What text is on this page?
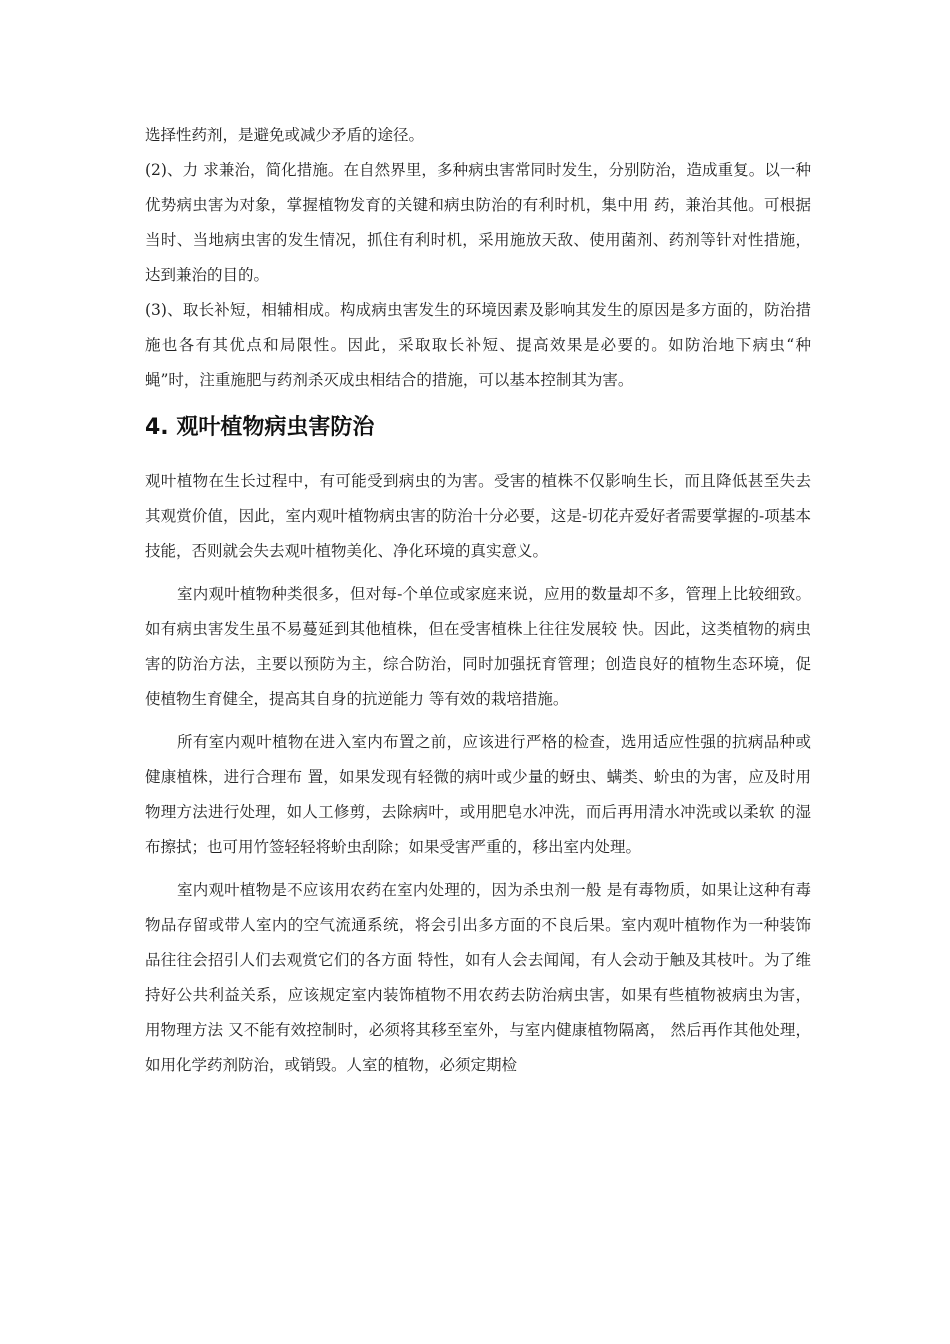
选择性药剂，是避免或减少矛盾的途径。

(2)、力 求兼治，简化措施。在自然界里，多种病虫害常同时发生，分别防治，造成重复。以一种优势病虫害为对象，掌握植物发育的关键和病虫防治的有利时机，集中用 药，兼治其他。可根据当时、当地病虫害的发生情况，抓住有利时机，采用施放天敌、使用菌剂、药剂等针对性措施，达到兼治的目的。

(3)、取长补短，相辅相成。构成病虫害发生的环境因素及影响其发生的原因是多方面的，防治措施也各有其优点和局限性。因此，采取取长补短、提高效果是必要的。如防治地下病虫“种蝇”时，注重施肥与药剂杀灭成虫相结合的措施，可以基本控制其为害。

4. 观叶植物病虫害防治

观叶植物在生长过程中，有可能受到病虫的为害。受害的植株不仅影响生长，而且降低甚至失去其观赏价值，因此，室内观叶植物病虫害的防治十分必要，这是-切花卉爱好者需要掌握的-项基本技能，否则就会失去观叶植物美化、净化环境的真实意义。

室内观叶植物种类很多，但对每-个单位或家庭来说，应用的数量却不多，管理上比较细致。如有病虫害发生虽不易蔓延到其他植株，但在受害植株上往往发展较 快。因此，这类植物的病虫害的防治方法，主要以预防为主，综合防治，同时加强抚育管理；创造良好的植物生态环境，促使植物生育健全，提高其自身的抗逆能力 等有效的栽培措施。

所有室内观叶植物在进入室内布置之前，应该进行严格的检查，选用适应性强的抗病品种或健康植株，进行合理布 置，如果发现有轻微的病叶或少量的蚜虫、螨类、蚧虫的为害，应及时用物理方法进行处理，如人工修剪，去除病叶，或用肥皂水冲洗，而后再用清水冲洗或以柔软 的湿布擦拭；也可用竹签轻轻将蚧虫刮除；如果受害严重的，移出室内处理。

室内观叶植物是不应该用农药在室内处理的，因为杀虫剂一般 是有毒物质，如果让这种有毒物品存留或带人室内的空气流通系统，将会引出多方面的不良后果。室内观叶植物作为一种装饰品往往会招引人们去观赏它们的各方面 特性，如有人会去闻闻，有人会动于触及其枝叶。为了维持好公共利益关系，应该规定室内装饰植物不用农药去防治病虫害，如果有些植物被病虫为害，用物理方法 又不能有效控制时，必须将其移至室外，与室内健康植物隔离， 然后再作其他处理，如用化学药剂防治，或销毁。人室的植物，必须定期检
